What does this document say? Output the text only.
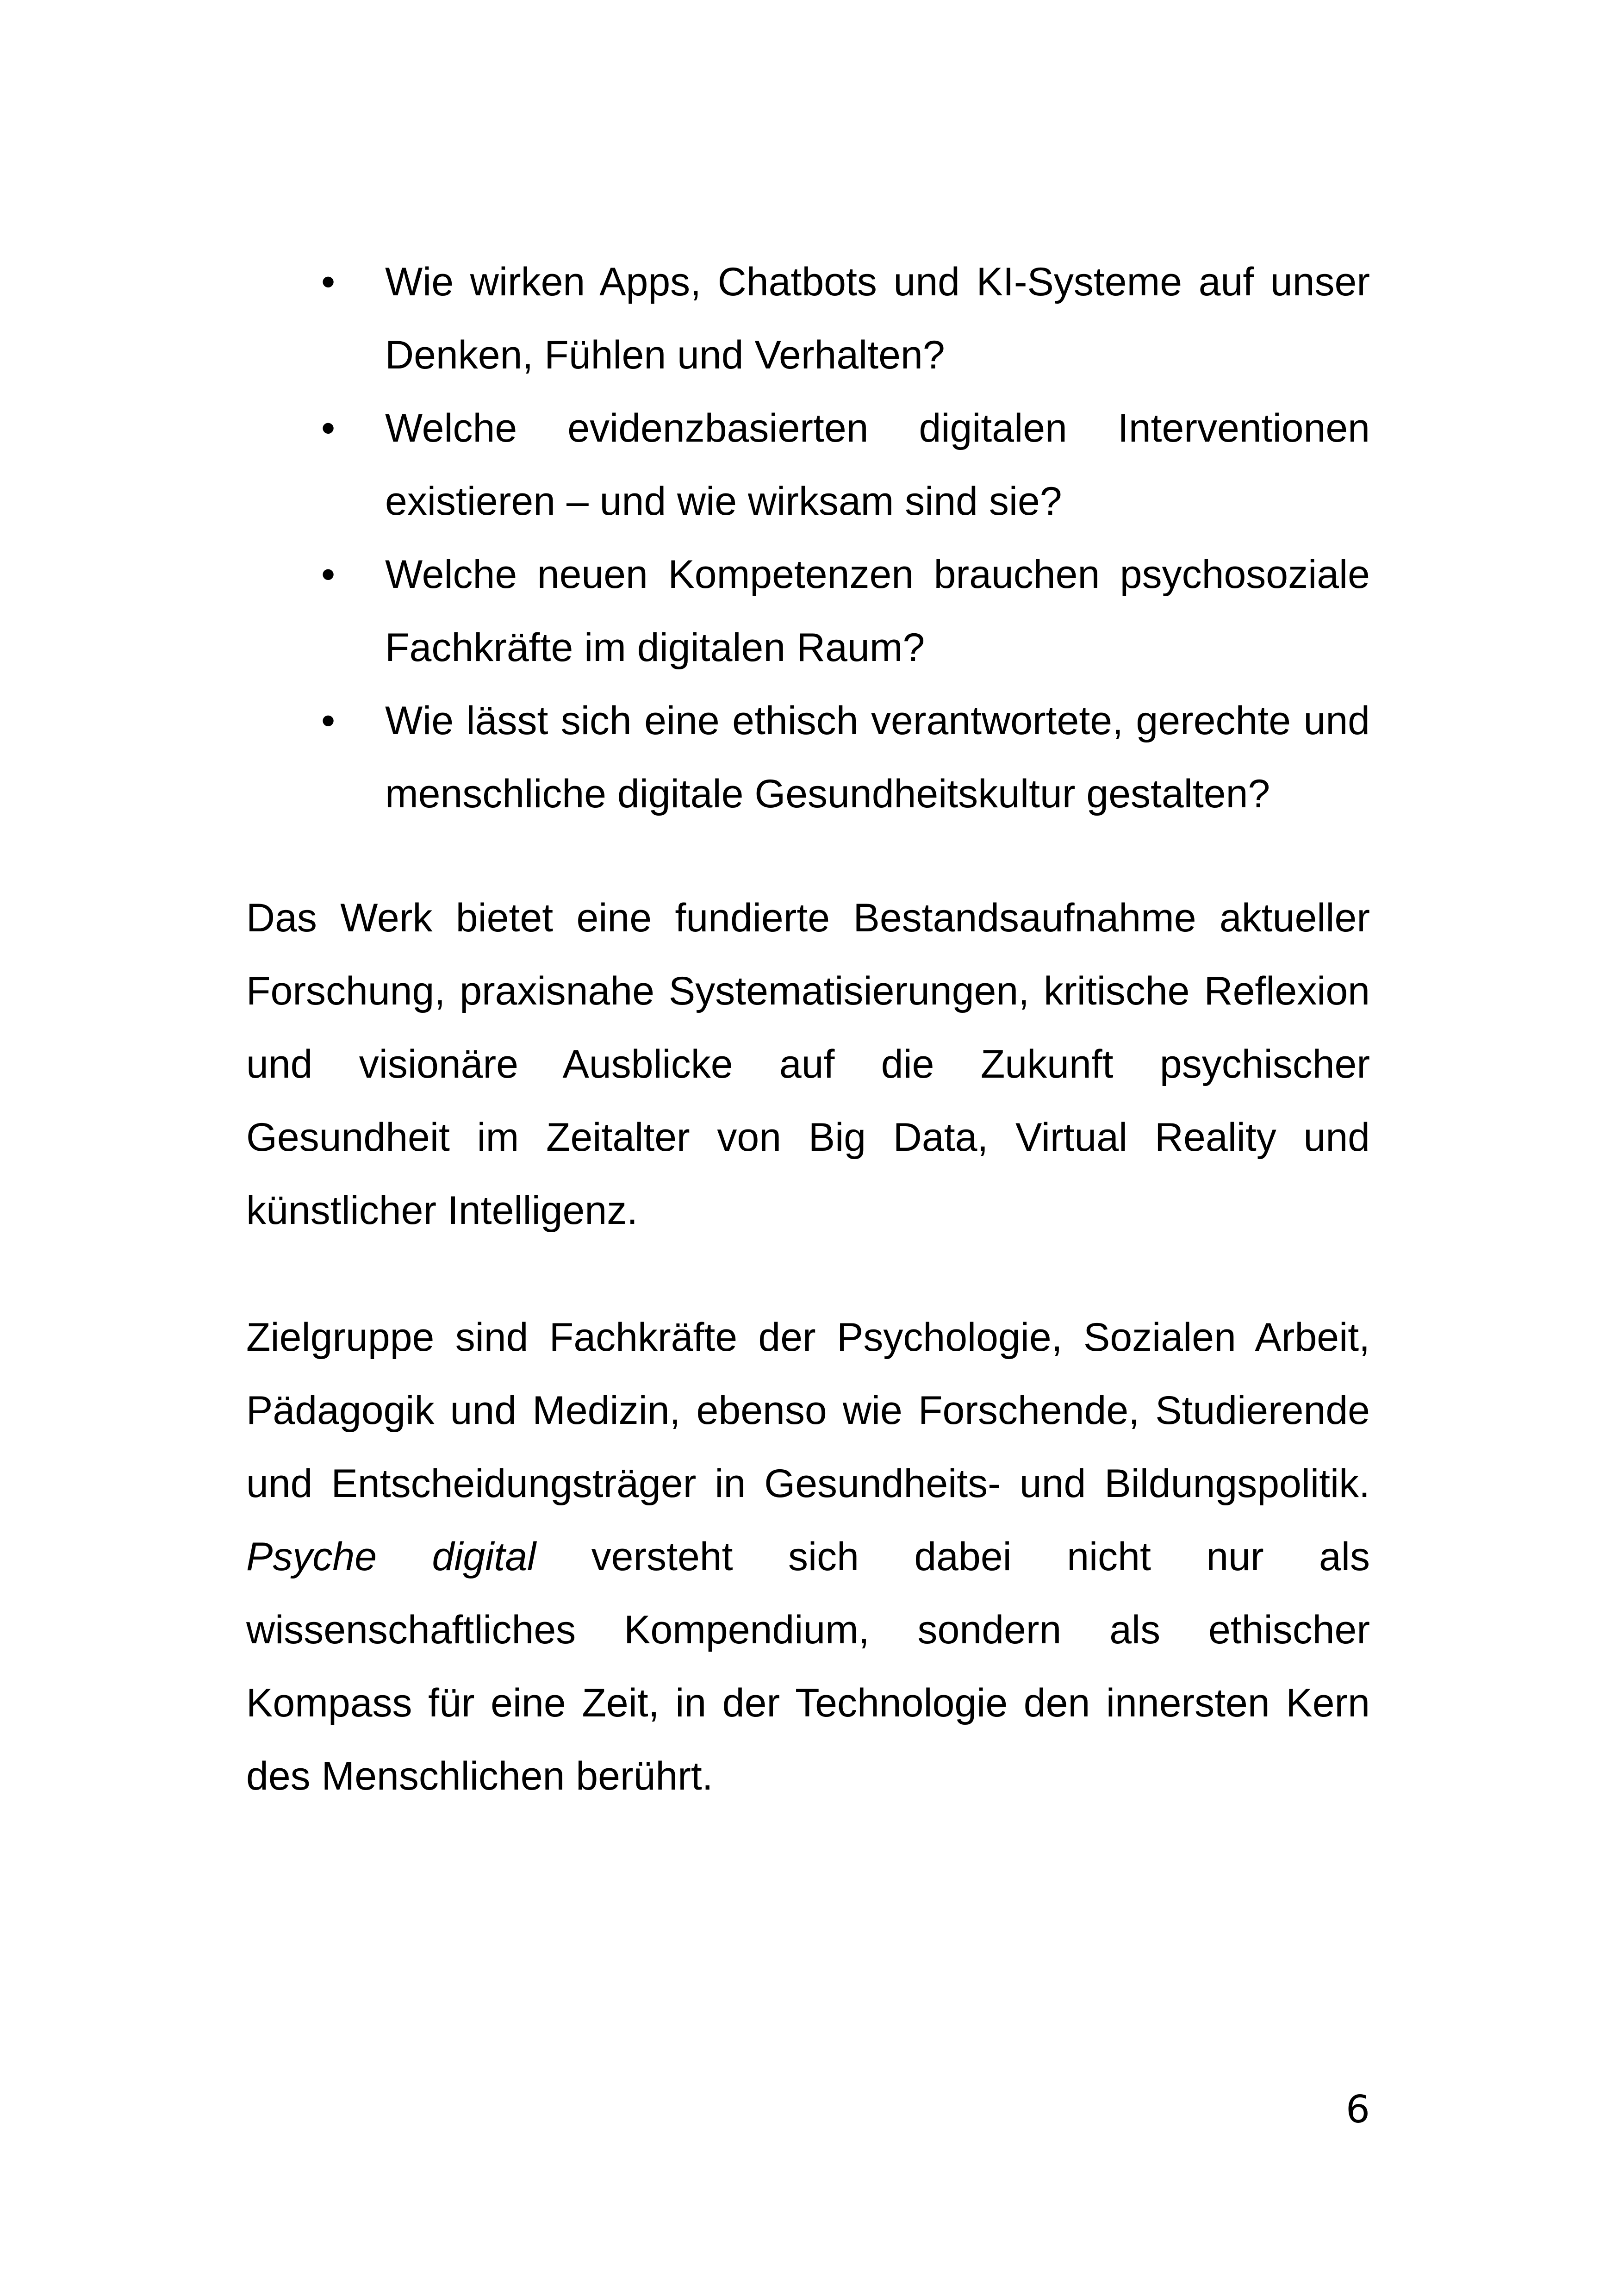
•	Wie wirken Apps, Chatbots und KI-Systeme auf unser Denken, Fühlen und Verhalten?
•	Welche evidenzbasierten digitalen Interventionen existieren – und wie wirksam sind sie?
•	Welche neuen Kompetenzen brauchen psychosoziale Fachkräfte im digitalen Raum?
•	Wie lässt sich eine ethisch verantwortete, gerechte und menschliche digitale Gesundheitskultur gestalten?

Das Werk bietet eine fundierte Bestandsaufnahme aktueller Forschung, praxisnahe Systematisierungen, kritische Reflexion und visionäre Ausblicke auf die Zukunft psychischer Gesundheit im Zeitalter von Big Data, Virtual Reality und künstlicher Intelligenz.

Zielgruppe sind Fachkräfte der Psychologie, Sozialen Arbeit, Pädagogik und Medizin, ebenso wie Forschende, Studierende und Entscheidungsträger in Gesundheits- und Bildungspolitik. Psyche digital versteht sich dabei nicht nur als wissenschaftliches Kompendium, sondern als ethischer Kompass für eine Zeit, in der Technologie den innersten Kern des Menschlichen berührt.

6
